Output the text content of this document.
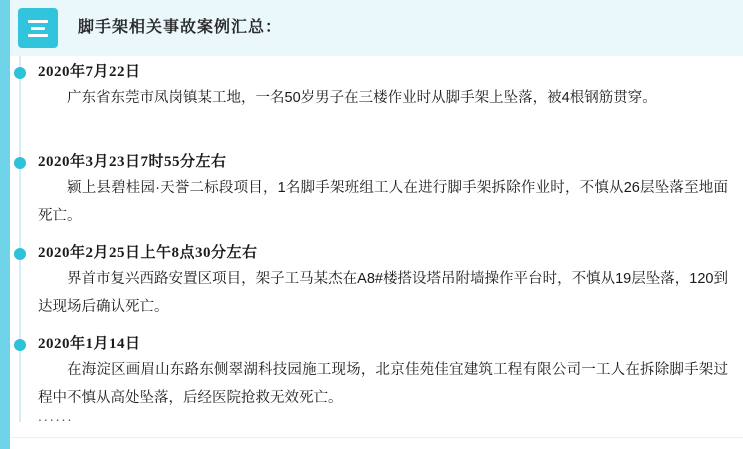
脚手架相关事故案例汇总：
2020年7月22日
广东省东莞市凤岗镇某工地，一名50岁男子在三楼作业时从脚手架上坠落，被4根钢筋贯穿。
2020年3月23日7时55分左右
颍上县碧桂园·天誉二标段项目，1名脚手架班组工人在进行脚手架拆除作业时，不慎从26层坠落至地面死亡。
2020年2月25日上午8点30分左右
界首市复兴西路安置区项目，架子工马某杰在A8#楼搭设塔吊附墙操作平台时，不慎从19层坠落，120到达现场后确认死亡。
2020年1月14日
在海淀区画眉山东路东侧翠湖科技园施工现场，北京佳苑佳宜建筑工程有限公司一工人在拆除脚手架过程中不慎从高处坠落，后经医院抢救无效死亡。
......
